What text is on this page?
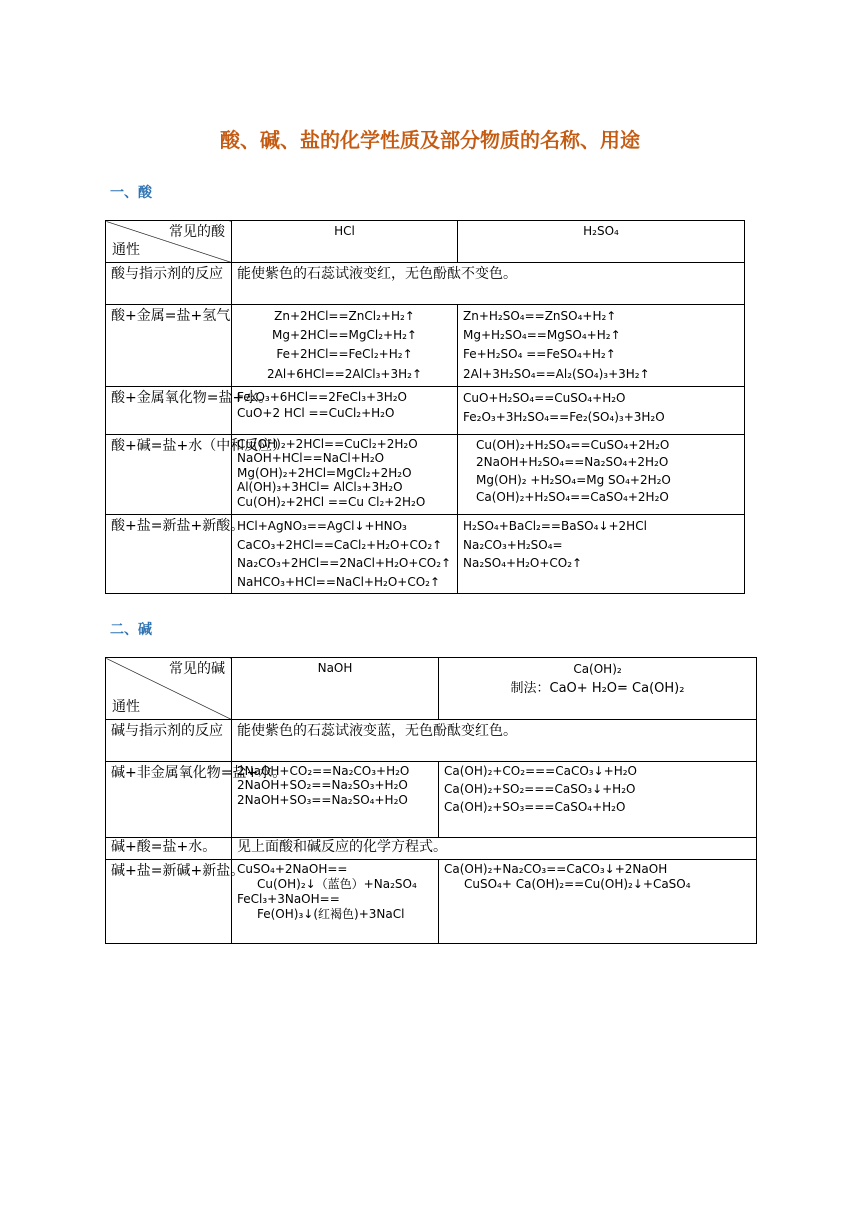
酸、碱、盐的化学性质及部分物质的名称、用途
一、酸
常见的酸
通性	HCl	H₂SO₄
酸与指示剂的反应	能使紫色的石蕊试液变红，无色酚酞不变色。	
酸+金属=盐+氢气	Zn+2HCl==ZnCl₂+H₂↑
Mg+2HCl==MgCl₂+H₂↑
Fe+2HCl==FeCl₂+H₂↑
2Al+6HCl==2AlCl₃+3H₂↑	Zn+H₂SO₄==ZnSO₄+H₂↑
Mg+H₂SO₄==MgSO₄+H₂↑
Fe+H₂SO₄ ==FeSO₄+H₂↑
2Al+3H₂SO₄==Al₂(SO₄)₃+3H₂↑

酸+金属氧化物=盐+水。	Fe₂O₃+6HCl==2FeCl₃+3H₂O
CuO+2 HCl ==CuCl₂+H₂O	CuO+H₂SO₄==CuSO₄+H₂O
Fe₂O₃+3H₂SO₄==Fe₂(SO₄)₃+3H₂O

酸+碱=盐+水（中和反应）	Cu(OH)₂+2HCl==CuCl₂+2H₂O
NaOH+HCl==NaCl+H₂O
Mg(OH)₂+2HCl=MgCl₂+2H₂O
Al(OH)₃+3HCl= AlCl₃+3H₂O
Cu(OH)₂+2HCl ==Cu Cl₂+2H₂O	Cu(OH)₂+H₂SO₄==CuSO₄+2H₂O
2NaOH+H₂SO₄==Na₂SO₄+2H₂O
Mg(OH)₂ +H₂SO₄=Mg SO₄+2H₂O
Ca(OH)₂+H₂SO₄==CaSO₄+2H₂O

酸+盐=新盐+新酸。	HCl+AgNO₃==AgCl↓+HNO₃
CaCO₃+2HCl==CaCl₂+H₂O+CO₂↑
Na₂CO₃+2HCl==2NaCl+H₂O+CO₂↑
NaHCO₃+HCl==NaCl+H₂O+CO₂↑	H₂SO₄+BaCl₂==BaSO₄↓+2HCl
Na₂CO₃+H₂SO₄=
Na₂SO₄+H₂O+CO₂↑
二、碱
常见的碱
通性	NaOH	Ca(OH)₂
制法：CaO+ H₂O= Ca(OH)₂

碱与指示剂的反应	能使紫色的石蕊试液变蓝，无色酚酞变红色。	
碱+非金属氧化物=盐+水。	2NaOH+CO₂==Na₂CO₃+H₂O
2NaOH+SO₂==Na₂SO₃+H₂O
2NaOH+SO₃==Na₂SO₄+H₂O	Ca(OH)₂+CO₂===CaCO₃↓+H₂O
Ca(OH)₂+SO₂===CaSO₃↓+H₂O
Ca(OH)₂+SO₃===CaSO₄+H₂O

碱+酸=盐+水。	见上面酸和碱反应的化学方程式。	
碱+盐=新碱+新盐。	CuSO₄+2NaOH==
Cu(OH)₂↓（蓝色）+Na₂SO₄
FeCl₃+3NaOH==
Fe(OH)₃↓(红褐色)+3NaCl	Ca(OH)₂+Na₂CO₃==CaCO₃↓+2NaOH
CuSO₄+ Ca(OH)₂==Cu(OH)₂↓+CaSO₄
